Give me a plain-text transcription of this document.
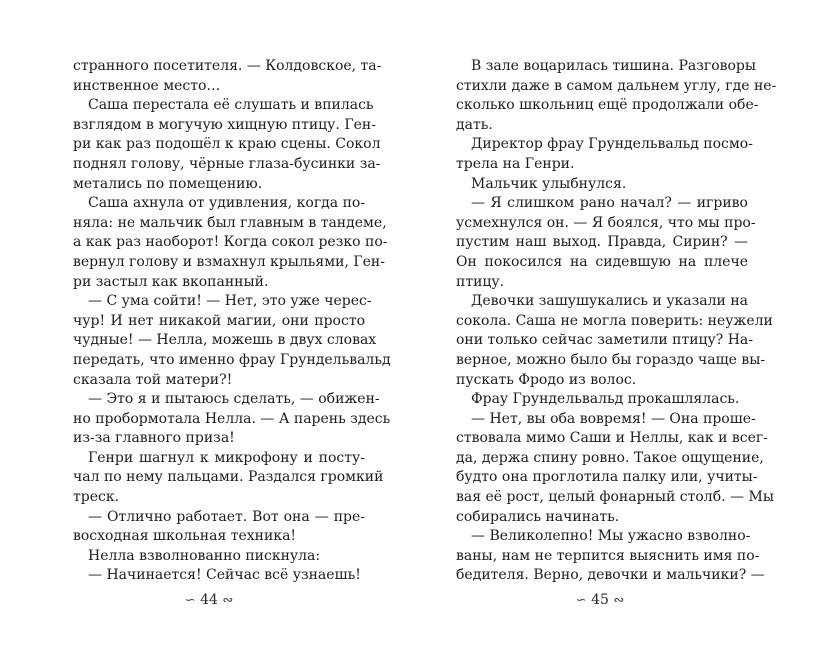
странного посетителя. — Колдовское, та-
инственное место…
Саша перестала её слушать и впилась
взглядом в могучую хищную птицу. Ген-
ри как раз подошёл к краю сцены. Сокол
поднял голову, чёрные глаза-бусинки за-
метались по помещению.
Саша ахнула от удивления, когда по-
няла: не мальчик был главным в тандеме,
а как раз наоборот! Когда сокол резко по-
вернул голову и взмахнул крыльями, Ген-
ри застыл как вкопанный.
— С ума сойти! — Нет, это уже черес-
чур! И нет никакой магии, они просто
чудные! — Нелла, можешь в двух словах
передать, что именно фрау Грундельвальд
сказала той матери?!
— Это я и пытаюсь сделать, — обижен-
но пробормотала Нелла. — А парень здесь
из-за главного приза!
Генри шагнул к микрофону и посту-
чал по нему пальцами. Раздался громкий
треск.
— Отлично работает. Вот она — пре-
восходная школьная техника!
Нелла взволнованно пискнула:
— Начинается! Сейчас всё узнаешь!
В зале воцарилась тишина. Разговоры
стихли даже в самом дальнем углу, где не-
сколько школьниц ещё продолжали обе-
дать.
Директор фрау Грундельвальд посмо-
трела на Генри.
Мальчик улыбнулся.
— Я слишком рано начал? — игриво
усмехнулся он. — Я боялся, что мы про-
пустим наш выход. Правда, Сирин? —
Он покосился на сидевшую на плече
птицу.
Девочки зашушукались и указали на
сокола. Саша не могла поверить: неужели
они только сейчас заметили птицу? На-
верное, можно было бы гораздо чаще вы-
пускать Фродо из волос.
Фрау Грундельвальд прокашлялась.
— Нет, вы оба вовремя! — Она проше-
ствовала мимо Саши и Неллы, как и всег-
да, держа спину ровно. Такое ощущение,
будто она проглотила палку или, учиты-
вая её рост, целый фонарный столб. — Мы
собирались начинать.
— Великолепно! Мы ужасно взволно-
ваны, нам не терпится выяснить имя по-
бедителя. Верно, девочки и мальчики? —
∽ 44 ∾	∽ 45 ∾
